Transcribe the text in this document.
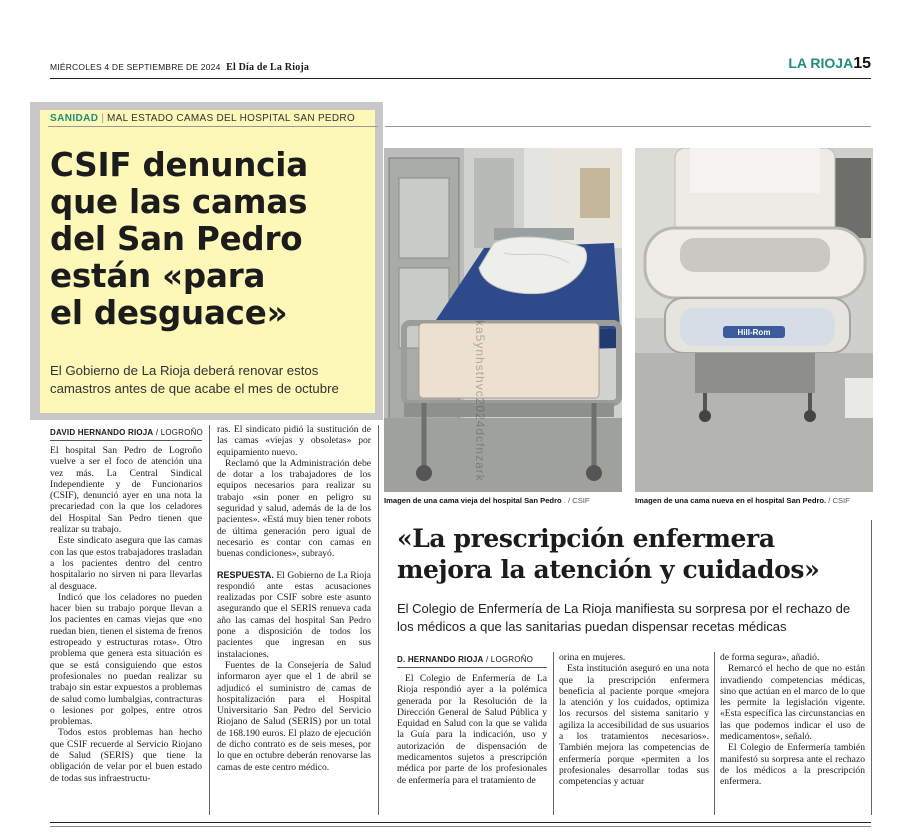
MIÉRCOLES 4 DE SEPTIEMBRE DE 2024 El Día de La Rioja	LA RIOJA15
SANIDAD | MAL ESTADO CAMAS DEL HOSPITAL SAN PEDRO
CSIF denuncia
que las camas
del San Pedro
están «para
el desguace»
El Gobierno de La Rioja deberá renovar estos camastros antes de que acabe el mes de octubre
Hill-Rom
ka5ynhsthvc2024dcfnzark
Imagen de una cama vieja del hospital San Pedro . / CSIF	Imagen de una cama nueva en el hospital San Pedro. / CSIF
DAVID HERNANDO RIOJA / LOGROÑO

El hospital San Pedro de Logroño vuelve a ser el foco de atención una vez más. La Central Sindical Independiente y de Funcionarios (CSIF), denunció ayer en una nota la precariedad con la que los celadores del Hospital San Pedro tienen que realizar su trabajo.

Este sindicato asegura que las camas con las que estos trabajadores trasladan a los pacientes dentro del centro hospitalario no sirven ni para llevarlas al desguace.

Indicó que los celadores no pueden hacer bien su trabajo porque llevan a los pacientes en camas viejas que «no ruedan bien, tienen el sistema de frenos estropeado y estructuras rotas». Otro problema que genera esta situación es que se está consiguiendo que estos profesionales no puedan realizar su trabajo sin estar expuestos a problemas de salud como lumbalgias, contracturas o lesiones por golpes, entre otros problemas.

Todos estos problemas han hecho que CSIF recuerde al Servicio Riojano de Salud (SERIS) que tiene la obligación de velar por el buen estado de todas sus infraestructu-

ras. El sindicato pidió la sustitución de las camas «viejas y obsoletas» por equipamiento nuevo.

Reclamó que la Administración debe de dotar a los trabajadores de los equipos necesarios para realizar su trabajo «sin poner en peligro su seguridad y salud, además de la de los pacientes». «Está muy bien tener robots de última generación pero igual de necesario es contar con camas en buenas condiciones», subrayó.

RESPUESTA. El Gobierno de La Rioja respondió ante estas acusaciones realizadas por CSIF sobre este asunto asegurando que el SERIS renueva cada año las camas del hospital San Pedro pone a disposición de todos los pacientes que ingresan en sus instalaciones.

Fuentes de la Consejería de Salud informaron ayer que el 1 de abril se adjudicó el suministro de camas de hospitalización para el Hospital Universitario San Pedro del Servicio Riojano de Salud (SERIS) por un total de 168.190 euros. El plazo de ejecución de dicho contrato es de seis meses, por lo que en octubre deberán renovarse las camas de este centro médico.

«La prescripción enfermera mejora la atención y cuidados»
El Colegio de Enfermería de La Rioja manifiesta su sorpresa por el rechazo de los médicos a que las sanitarias puedan dispensar recetas médicas
D. HERNANDO RIOJA / LOGROÑO

El Colegio de Enfermería de La Rioja respondió ayer a la polémica generada por la Resolución de la Dirección General de Salud Pública y Equidad en Salud con la que se valida la Guía para la indicación, uso y autorización de dispensación de medicamentos sujetos a prescripción médica por parte de los profesionales de enfermería para el tratamiento de

orina en mujeres.

Esta institución aseguró en una nota que la prescripción enfermera beneficia al paciente porque «mejora la atención y los cuidados, optimiza los recursos del sistema sanitario y agiliza la accesibilidad de sus usuarios a los tratamientos necesarios». También mejora las competencias de enfermería porque «permiten a los profesionales desarrollar todas sus competencias y actuar

de forma segura», añadió.

Remarcó el hecho de que no están invadiendo competencias médicas, sino que actúan en el marco de lo que les permite la legislación vigente. «Esta específica las circunstancias en las que podemos indicar el uso de medicamentos», señaló.

El Colegio de Enfermería también manifestó su sorpresa ante el rechazo de los médicos a la prescripción enfermera.
